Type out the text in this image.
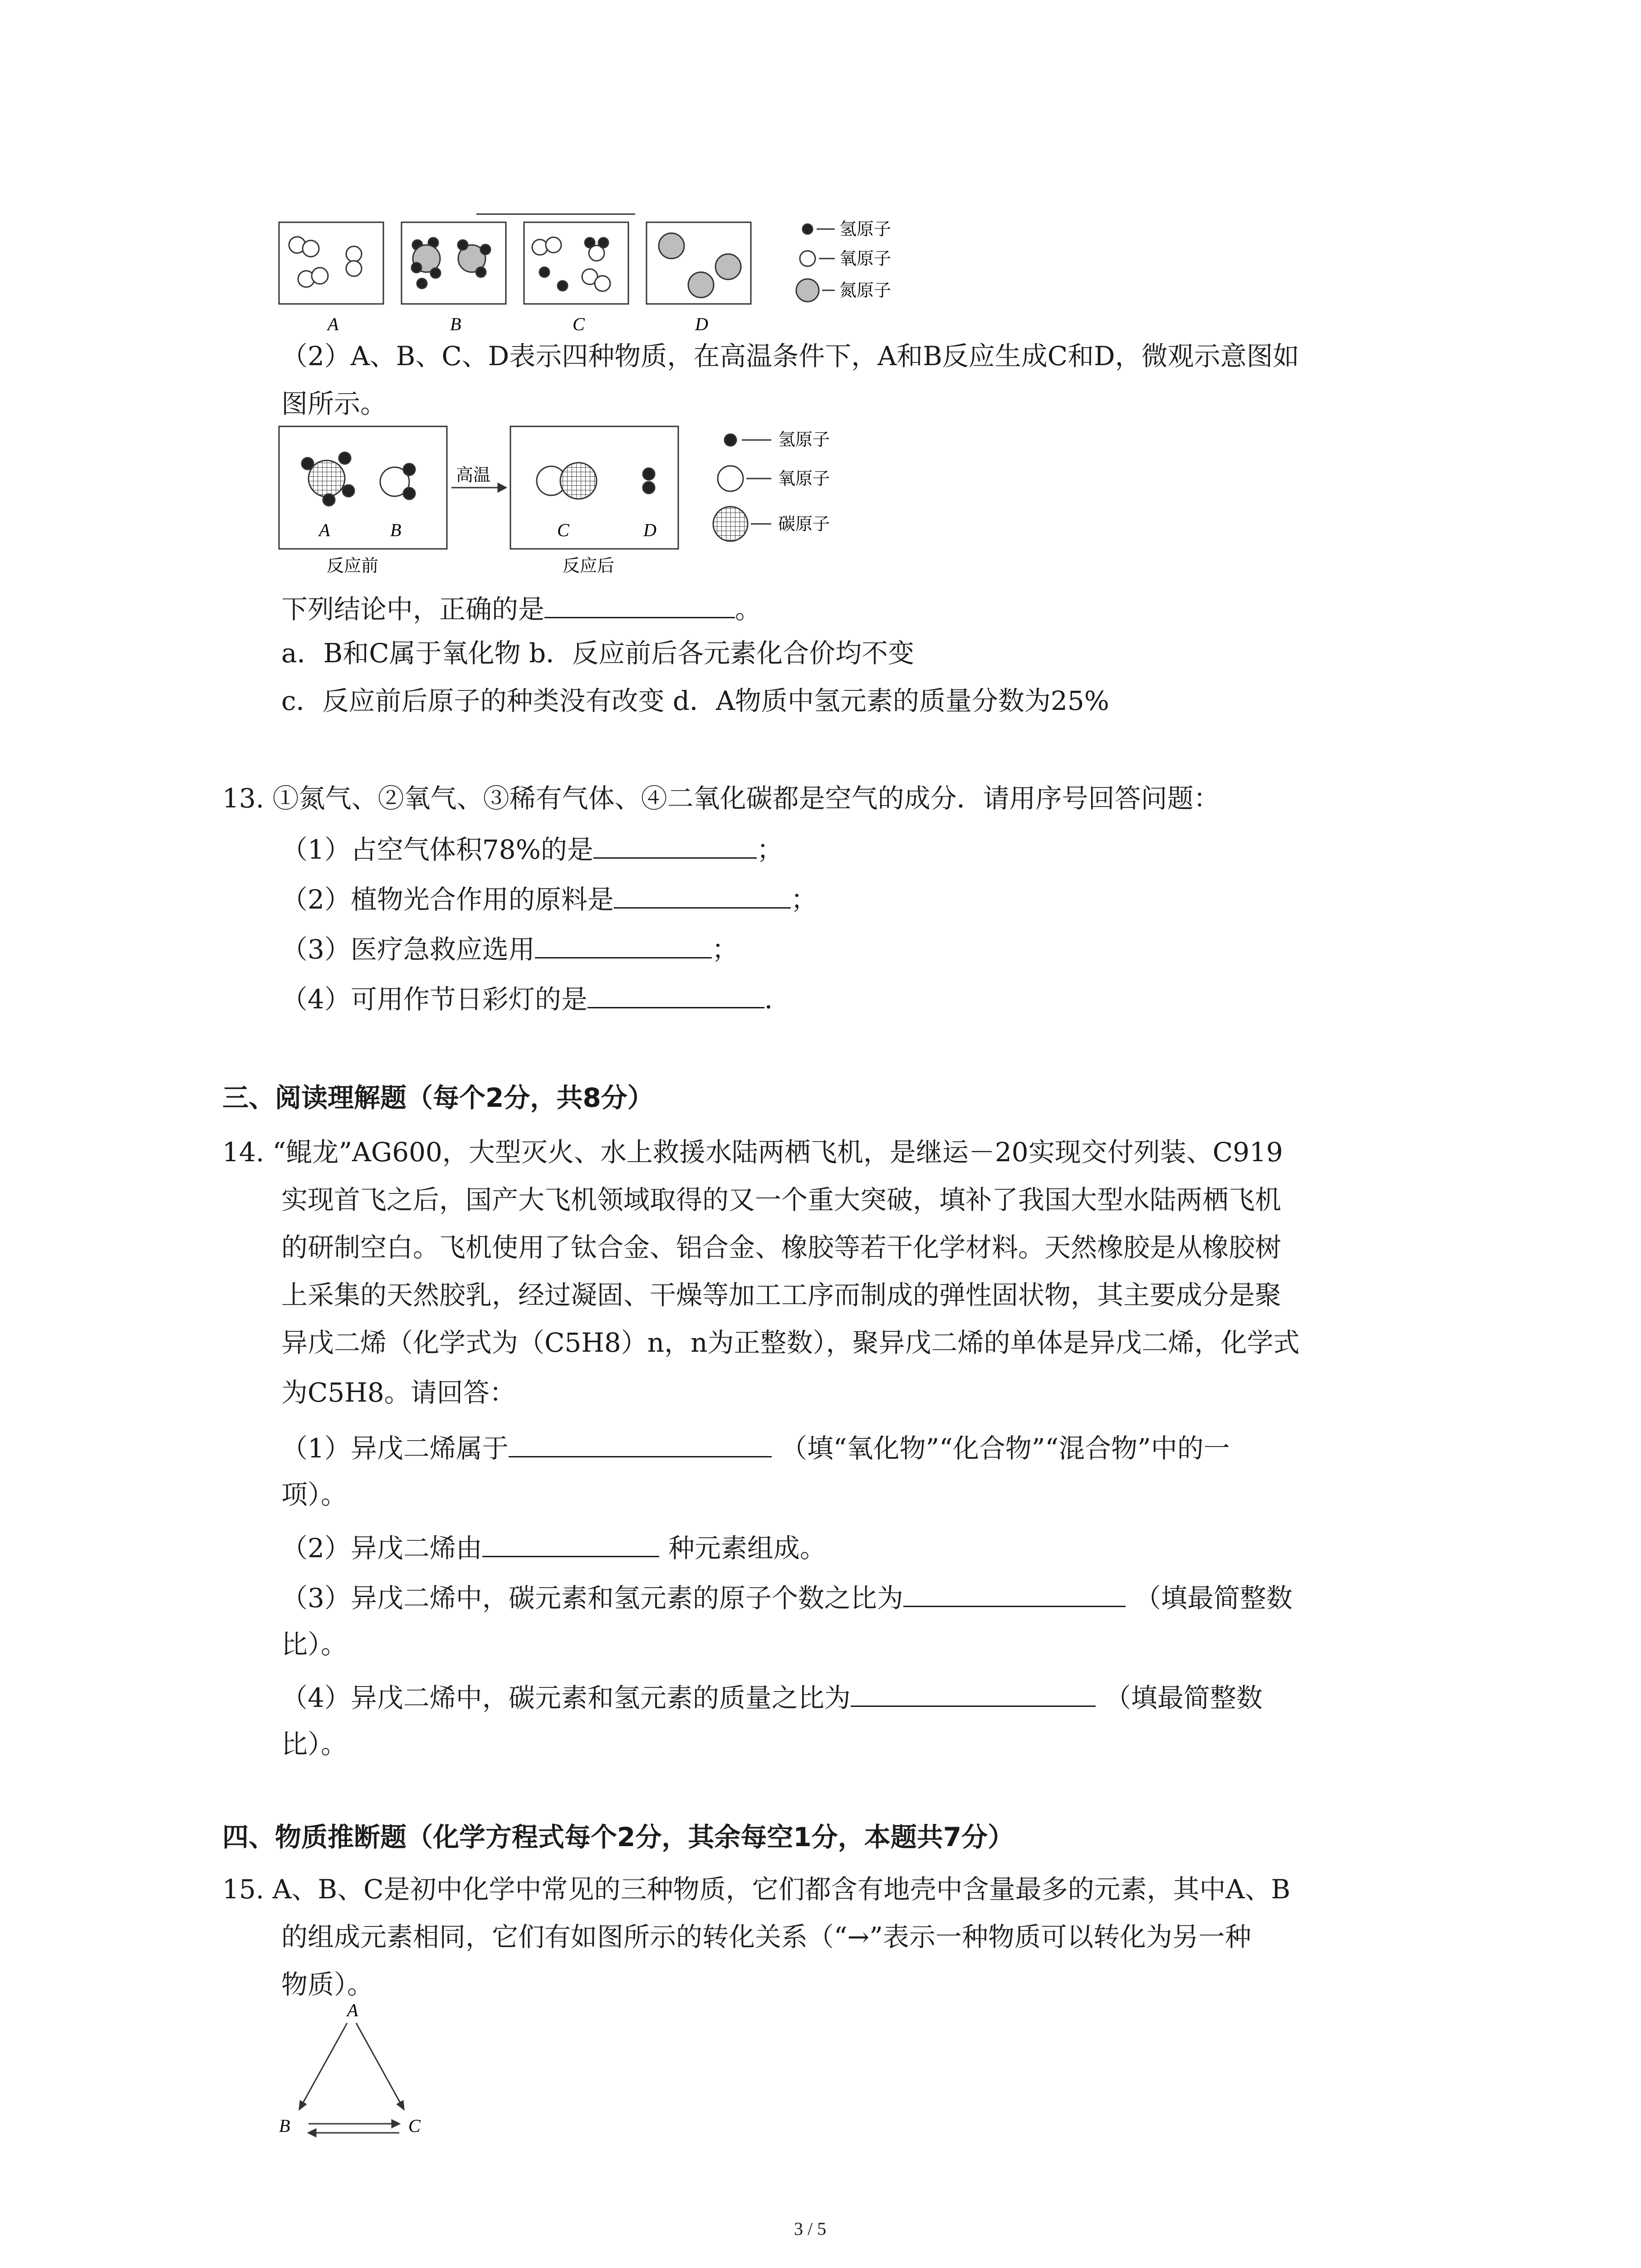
氢原子
氧原子
氮原子
A	B	C	D
（2）A、B、C、D表示四种物质，在高温条件下，A和B反应生成C和D，微观示意图如
图所示。
高温
A	B	C	D
反应前	反应后
氢原子
氧原子
碳原子
下列结论中，正确的是	。
a．B和C属于氧化物 b．反应前后各元素化合价均不变
c．反应前后原子的种类没有改变 d．A物质中氢元素的质量分数为25%
13. ①氮气、②氧气、③稀有气体、④二氧化碳都是空气的成分．请用序号回答问题：
（1）占空气体积78%的是	；
（2）植物光合作用的原料是	；
（3）医疗急救应选用	；
（4）可用作节日彩灯的是	．
三、阅读理解题（每个2分，共8分）
14. “鲲龙”AG600，大型灭火、水上救援水陆两栖飞机，是继运－20实现交付列装、C919
实现首飞之后，国产大飞机领域取得的又一个重大突破，填补了我国大型水陆两栖飞机
的研制空白。飞机使用了钛合金、铝合金、橡胶等若干化学材料。天然橡胶是从橡胶树
上采集的天然胶乳，经过凝固、干燥等加工工序而制成的弹性固状物，其主要成分是聚
异戊二烯（化学式为（C5H8）n，n为正整数），聚异戊二烯的单体是异戊二烯，化学式
为C5H8。请回答：
（1）异戊二烯属于	（填“氧化物”“化合物”“混合物”中的一
项）。
（2）异戊二烯由	种元素组成。
（3）异戊二烯中，碳元素和氢元素的原子个数之比为	（填最简整数
比）。
（4）异戊二烯中，碳元素和氢元素的质量之比为	（填最简整数
比）。
四、物质推断题（化学方程式每个2分，其余每空1分，本题共7分）
15. A、B、C是初中化学中常见的三种物质，它们都含有地壳中含量最多的元素，其中A、B
的组成元素相同，它们有如图所示的转化关系（“→”表示一种物质可以转化为另一种
物质）。
A
B	C
3 / 5
